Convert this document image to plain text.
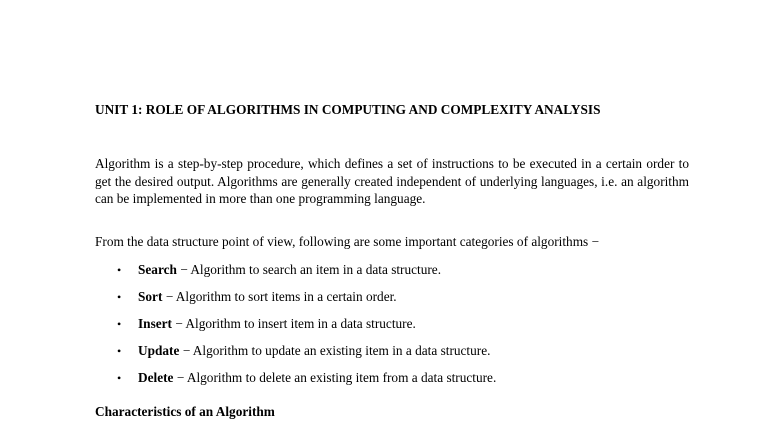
UNIT 1: ROLE OF ALGORITHMS IN COMPUTING AND COMPLEXITY ANALYSIS

Algorithm is a step-by-step procedure, which defines a set of instructions to be executed in a certain order to get the desired output. Algorithms are generally created independent of underlying languages, i.e. an algorithm can be implemented in more than one programming language.

From the data structure point of view, following are some important categories of algorithms −
• Search − Algorithm to search an item in a data structure.
• Sort − Algorithm to sort items in a certain order.
• Insert − Algorithm to insert item in a data structure.
• Update − Algorithm to update an existing item in a data structure.
• Delete − Algorithm to delete an existing item from a data structure.
Characteristics of an Algorithm
